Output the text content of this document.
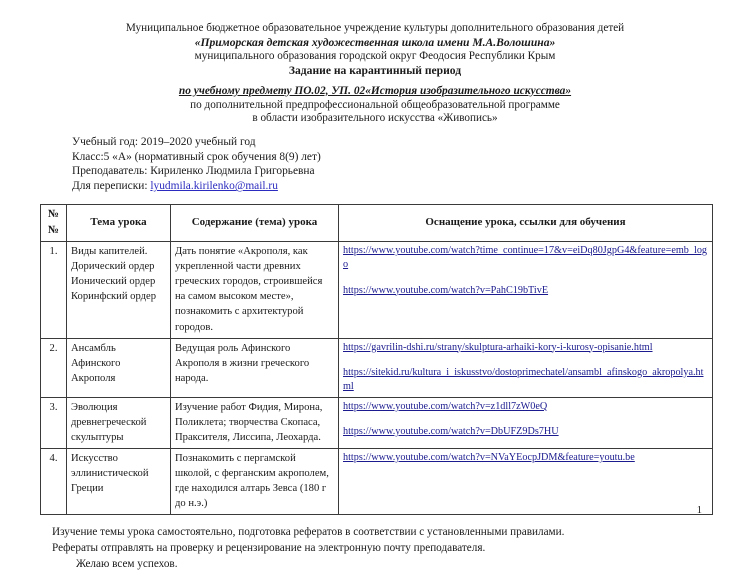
Муниципальное бюджетное образовательное учреждение культуры дополнительного образования детей
«Приморская детская художественная школа имени М.А.Волошина»
муниципального образования городской округ Феодосия Республики Крым
Задание на карантинный период
по учебному предмету ПО.02, УП. 02«История изобразительного искусства»
по дополнительной предпрофессиональной общеобразовательной программе
в области изобразительного искусства «Живопись»
Учебный год: 2019–2020 учебный год
Класс:5 «А» (нормативный срок обучения 8(9) лет)
Преподаватель: Кириленко Людмила Григорьевна
Для переписки: lyudmila.kirilenko@mail.ru
№№	Тема урока	Содержание (тема) урока	Оснащение урока, ссылки для обучения
1.	Виды капителей. Дорический ордер Ионический ордер Коринфский ордер	Дать понятие «Акрополя, как укрепленной части древних греческих городов, строившейся на самом высоком месте», познакомить с архитектурой городов.	https://www.youtube.com/watch?time_continue=17&v=eiDq80JgpG4&feature=emb_logo
https://www.youtube.com/watch?v=PahC19bTivE

2.	Ансамбль Афинского Акрополя	Ведущая роль Афинского Акрополя в жизни греческого народа.	https://gavrilin-dshi.ru/strany/skulptura-arhaiki-kory-i-kurosy-opisanie.html
https://sitekid.ru/kultura_i_iskusstvo/dostoprimechatel/ansambl_afinskogo_akropolya.html

3.	Эволюция древнегреческой скульптуры	Изучение работ Фидия, Мирона, Поликлета; творчества Скопаса, Праксителя, Лиссипа, Леохарда.	https://www.youtube.com/watch?v=z1dll7zW0eQ
https://www.youtube.com/watch?v=DbUFZ9Ds7HU

4.	Искусство эллинистической Греции	Познакомить с пергамской школой, с ферганским акрополем, где находился алтарь Зевса (180 г до н.э.)	https://www.youtube.com/watch?v=NVaYEocpJDM&feature=youtu.be
Изучение темы урока самостоятельно, подготовка рефератов в соответствии с установленными правилами.
Рефераты отправлять на проверку и рецензирование на электронную почту преподавателя.
Желаю всем успехов.
1
